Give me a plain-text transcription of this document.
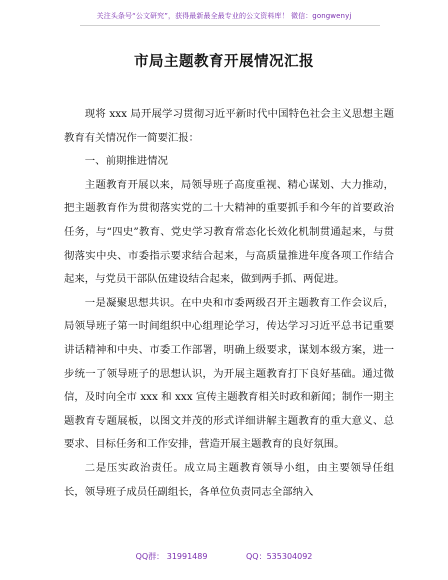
关注头条号“公文研究”，获得最新最全最专业的公文资料库！ 微信：gongwenyj
市局主题教育开展情况汇报

现将 xxx 局开展学习贯彻习近平新时代中国特色社会主义思想主题教育有关情况作一简要汇报：

一、前期推进情况

主题教育开展以来，局领导班子高度重视、精心谋划、大力推动，把主题教育作为贯彻落实党的二十大精神的重要抓手和今年的首要政治任务，与“四史”教育、党史学习教育常态化长效化机制贯通起来，与贯彻落实中央、市委指示要求结合起来，与高质量推进年度各项工作结合起来，与党员干部队伍建设结合起来，做到两手抓、两促进。

一是凝聚思想共识。在中央和市委两级召开主题教育工作会议后，局领导班子第一时间组织中心组理论学习，传达学习习近平总书记重要讲话精神和中央、市委工作部署，明确上级要求，谋划本级方案，进一步统一了领导班子的思想认识，为开展主题教育打下良好基础。通过微信，及时向全市 xxx 和 xxx 宣传主题教育相关时政和新闻；制作一期主题教育专题展板，以图文并茂的形式详细讲解主题教育的重大意义、总要求、目标任务和工作安排，营造开展主题教育的良好氛围。

二是压实政治责任。成立局主题教育领导小组，由主要领导任组长，领导班子成员任副组长，各单位负责同志全部纳入

QQ群： 31991489	QQ：535304092
